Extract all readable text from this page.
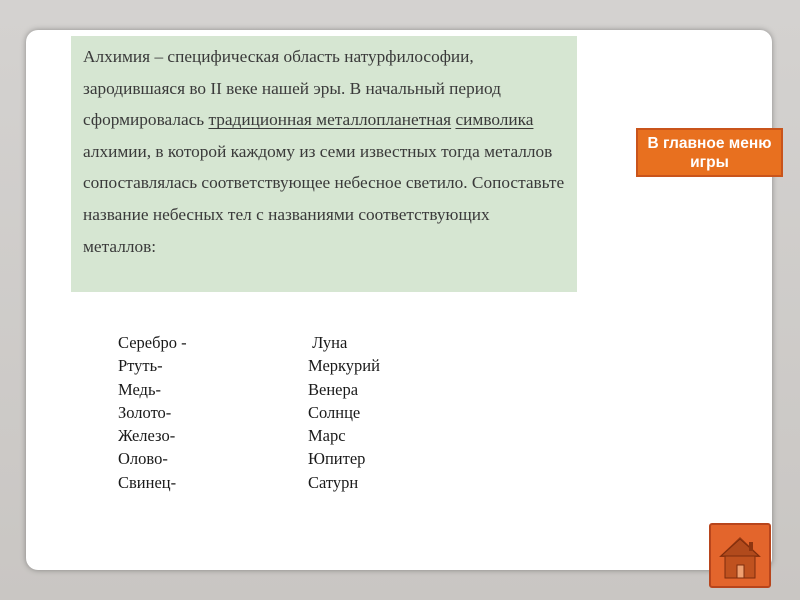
Алхимия – специфическая область натурфилософии, зародившаяся во II веке нашей эры. В начальный период сформировалась традиционная металлопланетная символика алхимии, в которой каждому из семи известных тогда металлов сопоставлялась соответствующее небесное светило. Сопоставьте название небесных тел с названиями соответствующих металлов:

В главное меню игры
Серебро -	Луна
Ртуть-	Меркурий
Медь-	Венера
Золото-	Солнце
Железо-	Марс
Олово-	Юпитер
Свинец-	Сатурн
